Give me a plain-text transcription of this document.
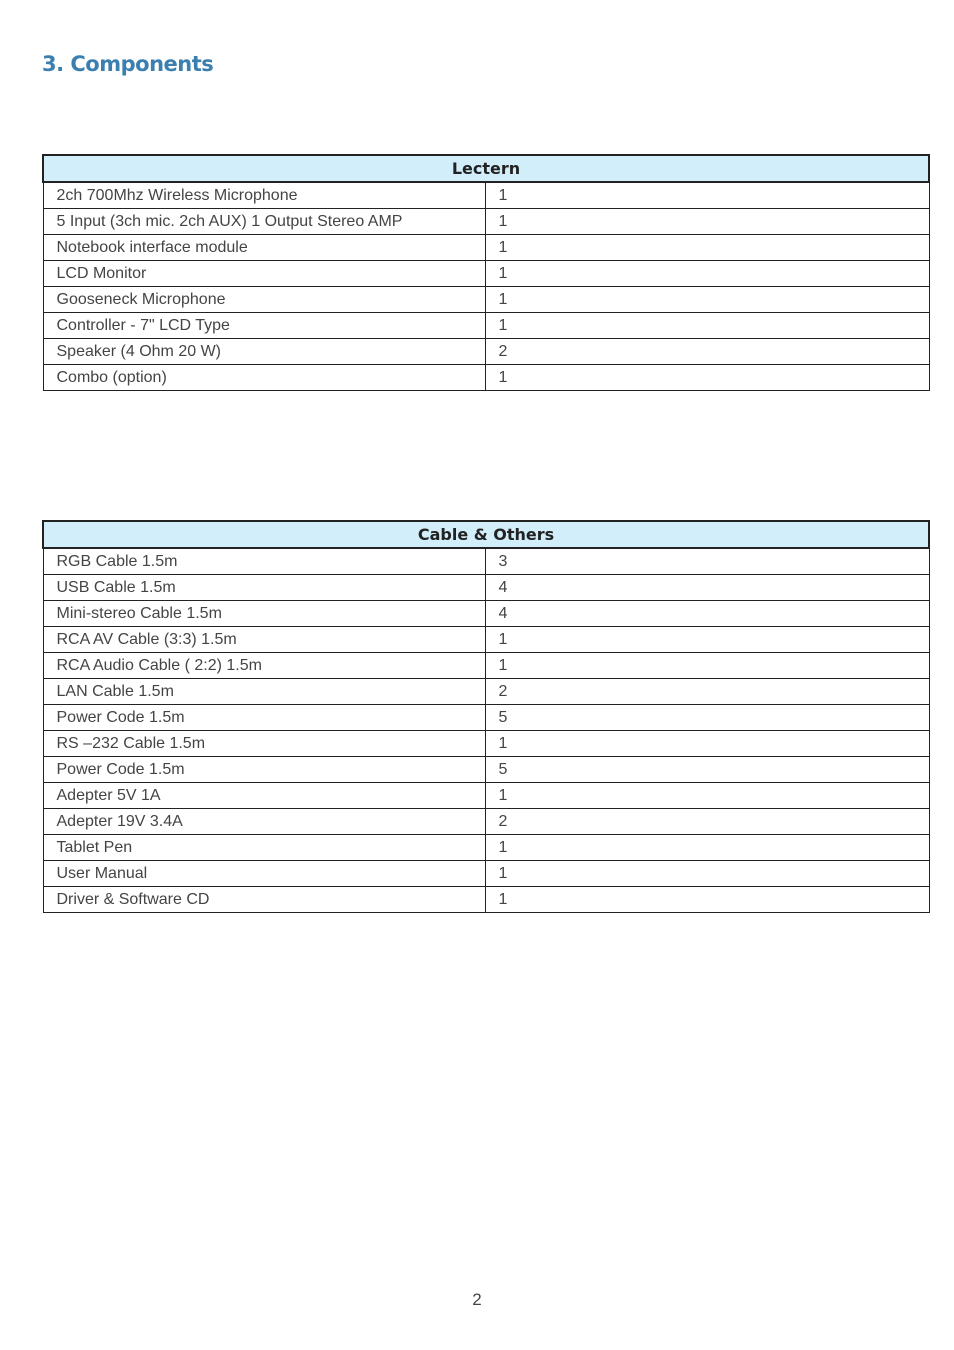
3. Components
Lectern	
2ch 700Mhz Wireless Microphone	1
5 Input (3ch mic. 2ch AUX) 1 Output Stereo AMP	1
Notebook interface module	1
LCD Monitor	1
Gooseneck Microphone	1
Controller - 7" LCD Type	1
Speaker (4 Ohm 20 W)	2
Combo (option)	1
Cable & Others	
RGB Cable 1.5m	3
USB Cable 1.5m	4
Mini-stereo Cable 1.5m	4
RCA AV Cable (3:3) 1.5m	1
RCA Audio Cable ( 2:2) 1.5m	1
LAN Cable 1.5m	2
Power Code 1.5m	5
RS –232 Cable 1.5m	1
Power Code 1.5m	5
Adepter 5V 1A	1
Adepter 19V 3.4A	2
Tablet Pen	1
User Manual	1
Driver & Software CD	1
2
